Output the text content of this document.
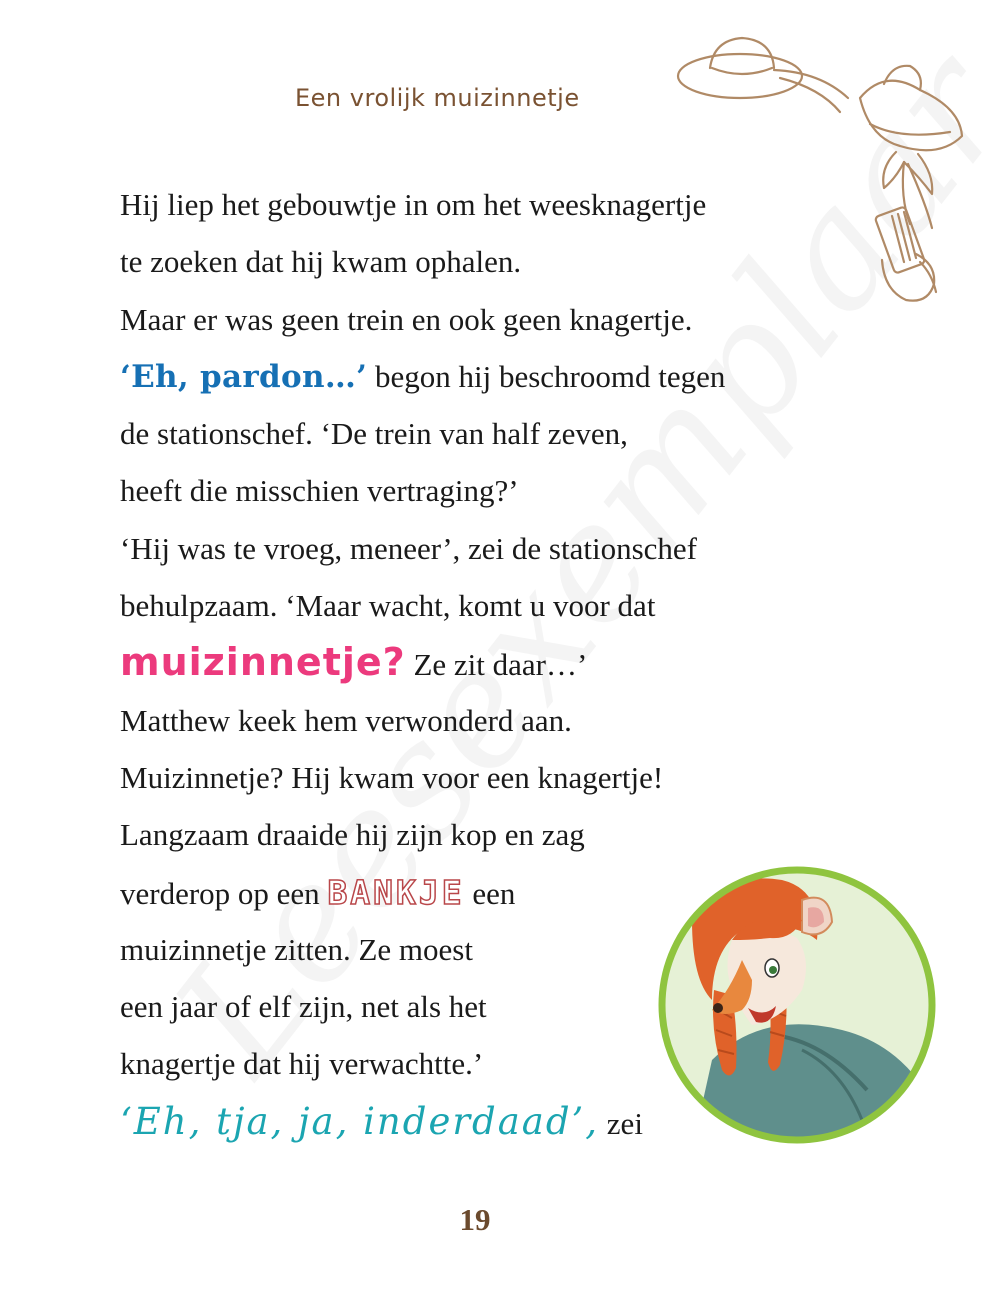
Een vrolijk muizinnetje
Hij liep het gebouwtje in om het weesknagertje
te zoeken dat hij kwam ophalen.
Maar er was geen trein en ook geen knagertje.
‘Eh, pardon…’ begon hij beschroomd tegen
de stationschef. ‘De trein van half zeven,
heeft die misschien vertraging?’
‘Hij was te vroeg, meneer’, zei de stationschef
behulpzaam. ‘Maar wacht, komt u voor dat
muizinnetje? Ze zit daar…’
Matthew keek hem verwonderd aan.
Muizinnetje? Hij kwam voor een knagertje!
Langzaam draaide hij zijn kop en zag
verderop op een BANKJE een
muizinnetje zitten. Ze moest
een jaar of elf zijn, net als het
knagertje dat hij verwachtte.’
‘Eh, tja, ja, inderdaad’, zei
19
